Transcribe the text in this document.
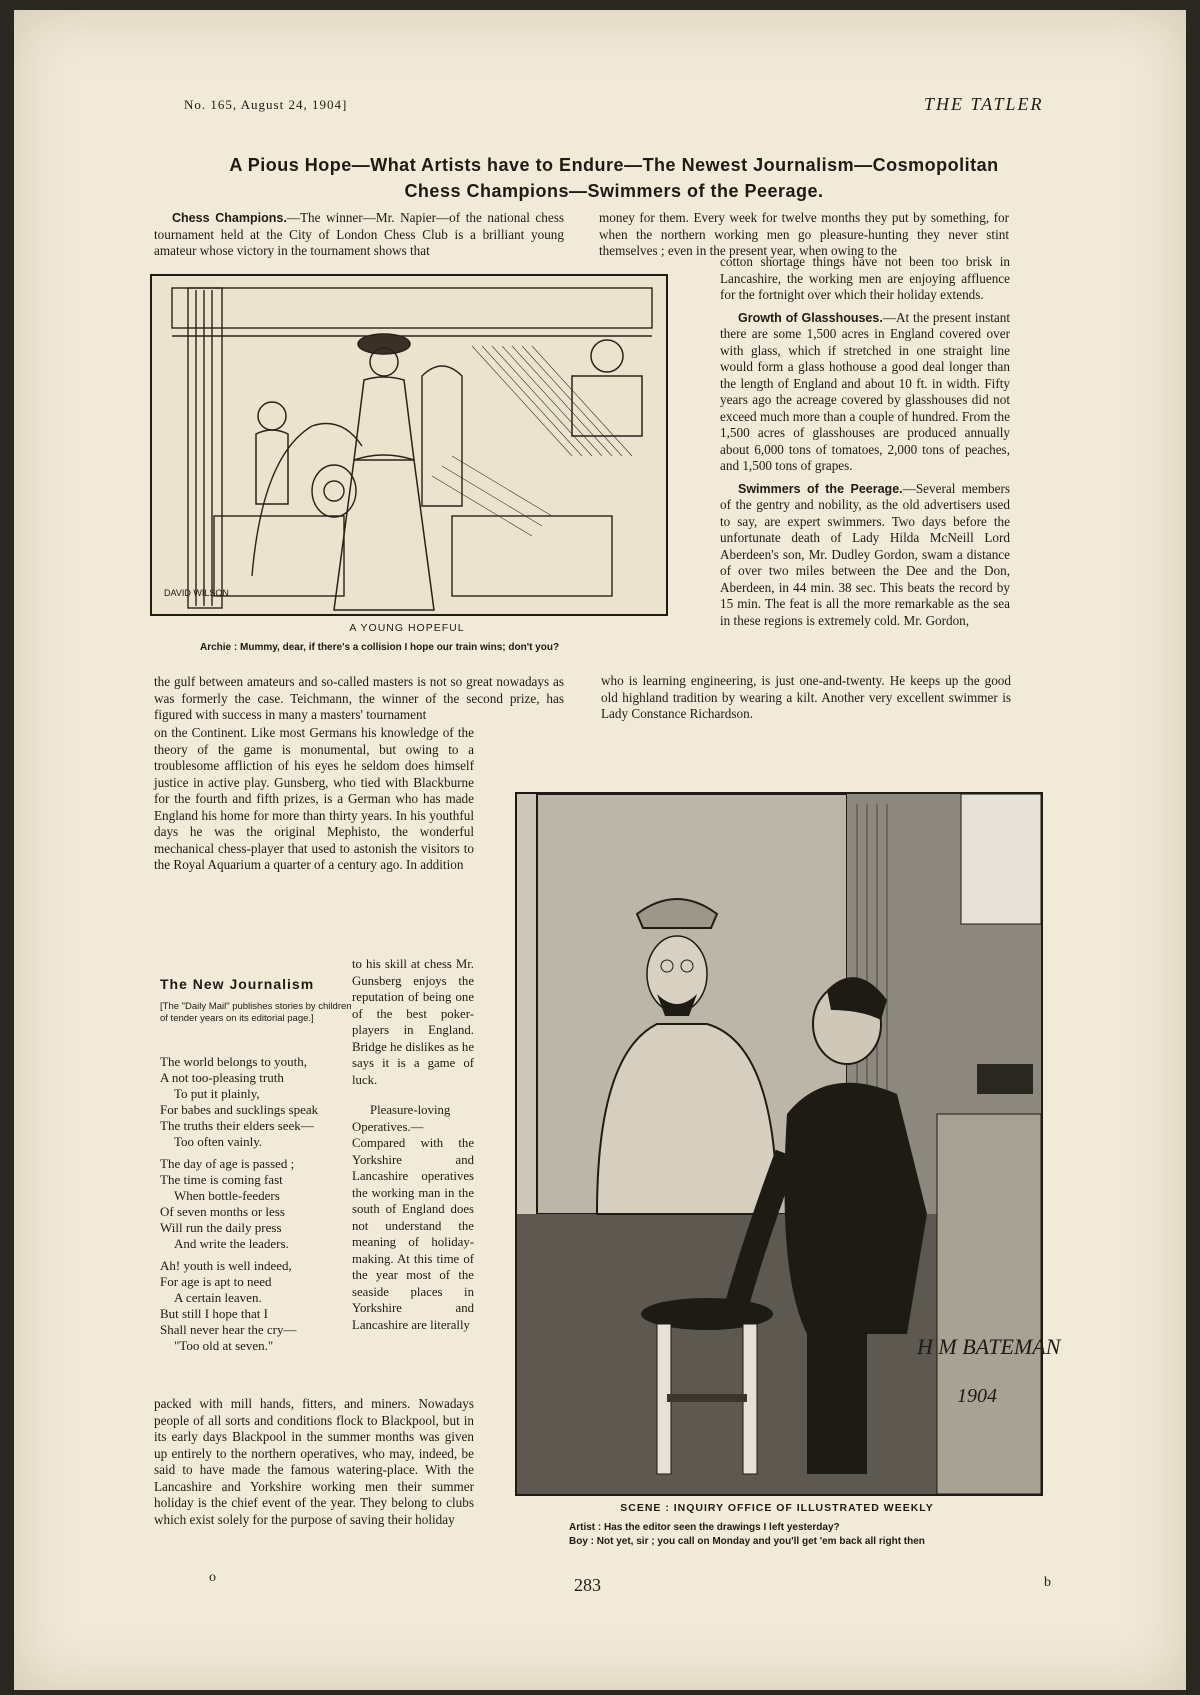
No. 165, August 24, 1904]	THE TATLER
A Pious Hope—What Artists have to Endure—The Newest Journalism—Cosmopolitan
Chess Champions—Swimmers of the Peerage.

Chess Champions.—The winner—Mr. Napier—of the national chess tournament held at the City of London Chess Club is a brilliant young amateur whose victory in the tournament shows that

money for them. Every week for twelve months they put by something, for when the northern working men go pleasure-hunting they never stint themselves ; even in the present year, when owing to the

DAVID WILSON
A YOUNG HOPEFUL
Archie : Mummy, dear, if there's a collision I hope our train wins; don't you?

cotton shortage things have not been too brisk in Lancashire, the working men are enjoying affluence for the fortnight over which their holiday extends.

Growth of Glasshouses.—At the present instant there are some 1,500 acres in England covered over with glass, which if stretched in one straight line would form a glass hothouse a good deal longer than the length of England and about 10 ft. in width. Fifty years ago the acreage covered by glasshouses did not exceed much more than a couple of hundred. From the 1,500 acres of glasshouses are produced annually about 6,000 tons of tomatoes, 2,000 tons of peaches, and 1,500 tons of grapes.

Swimmers of the Peerage.—Several members of the gentry and nobility, as the old advertisers used to say, are expert swimmers. Two days before the unfortunate death of Lady Hilda McNeill Lord Aberdeen's son, Mr. Dudley Gordon, swam a distance of over two miles between the Dee and the Don, Aberdeen, in 44 min. 38 sec. This beats the record by 15 min. The feat is all the more remarkable as the sea in these regions is extremely cold. Mr. Gordon,

who is learning engineering, is just one-and-twenty. He keeps up the good old highland tradition by wearing a kilt. Another very excellent swimmer is Lady Constance Richardson.

the gulf between amateurs and so-called masters is not so great nowadays as was formerly the case. Teichmann, the winner of the second prize, has figured with success in many a masters' tournament

on the Continent. Like most Germans his knowledge of the theory of the game is monumental, but owing to a troublesome affliction of his eyes he seldom does himself justice in active play. Gunsberg, who tied with Blackburne for the fourth and fifth prizes, is a German who has made England his home for more than thirty years. In his youthful days he was the original Mephisto, the wonderful mechanical chess-player that used to astonish the visitors to the Royal Aquarium a quarter of a century ago. In addition

The New Journalism
[The "Daily Mail" publishes stories by children of tender years on its editorial page.]
The world belongs to youth,
A not too-pleasing truth
To put it plainly,
For babes and sucklings speak
The truths their elders seek—
Too often vainly.
The day of age is passed ;
The time is coming fast
When bottle-feeders
Of seven months or less
Will run the daily press
And write the leaders.
Ah! youth is well indeed,
For age is apt to need
A certain leaven.
But still I hope that I
Shall never hear the cry—
"Too old at seven."

to his skill at chess Mr. Gunsberg enjoys the reputation of being one of the best poker-players in England. Bridge he dislikes as he says it is a game of luck.

Pleasure-loving Operatives.—Compared with the Yorkshire and Lancashire operatives the working man in the south of England does not understand the meaning of holiday-making. At this time of the year most of the seaside places in Yorkshire and Lancashire are literally

packed with mill hands, fitters, and miners. Nowadays people of all sorts and conditions flock to Blackpool, but in its early days Blackpool in the summer months was given up entirely to the northern operatives, who may, indeed, be said to have made the famous watering-place. With the Lancashire and Yorkshire working men their summer holiday is the chief event of the year. They belong to clubs which exist solely for the purpose of saving their holiday

H M BATEMAN
1904
SCENE : INQUIRY OFFICE OF ILLUSTRATED WEEKLY
Artist : Has the editor seen the drawings I left yesterday?
Boy : Not yet, sir ; you call on Monday and you'll get 'em back all right then
283
o	b
